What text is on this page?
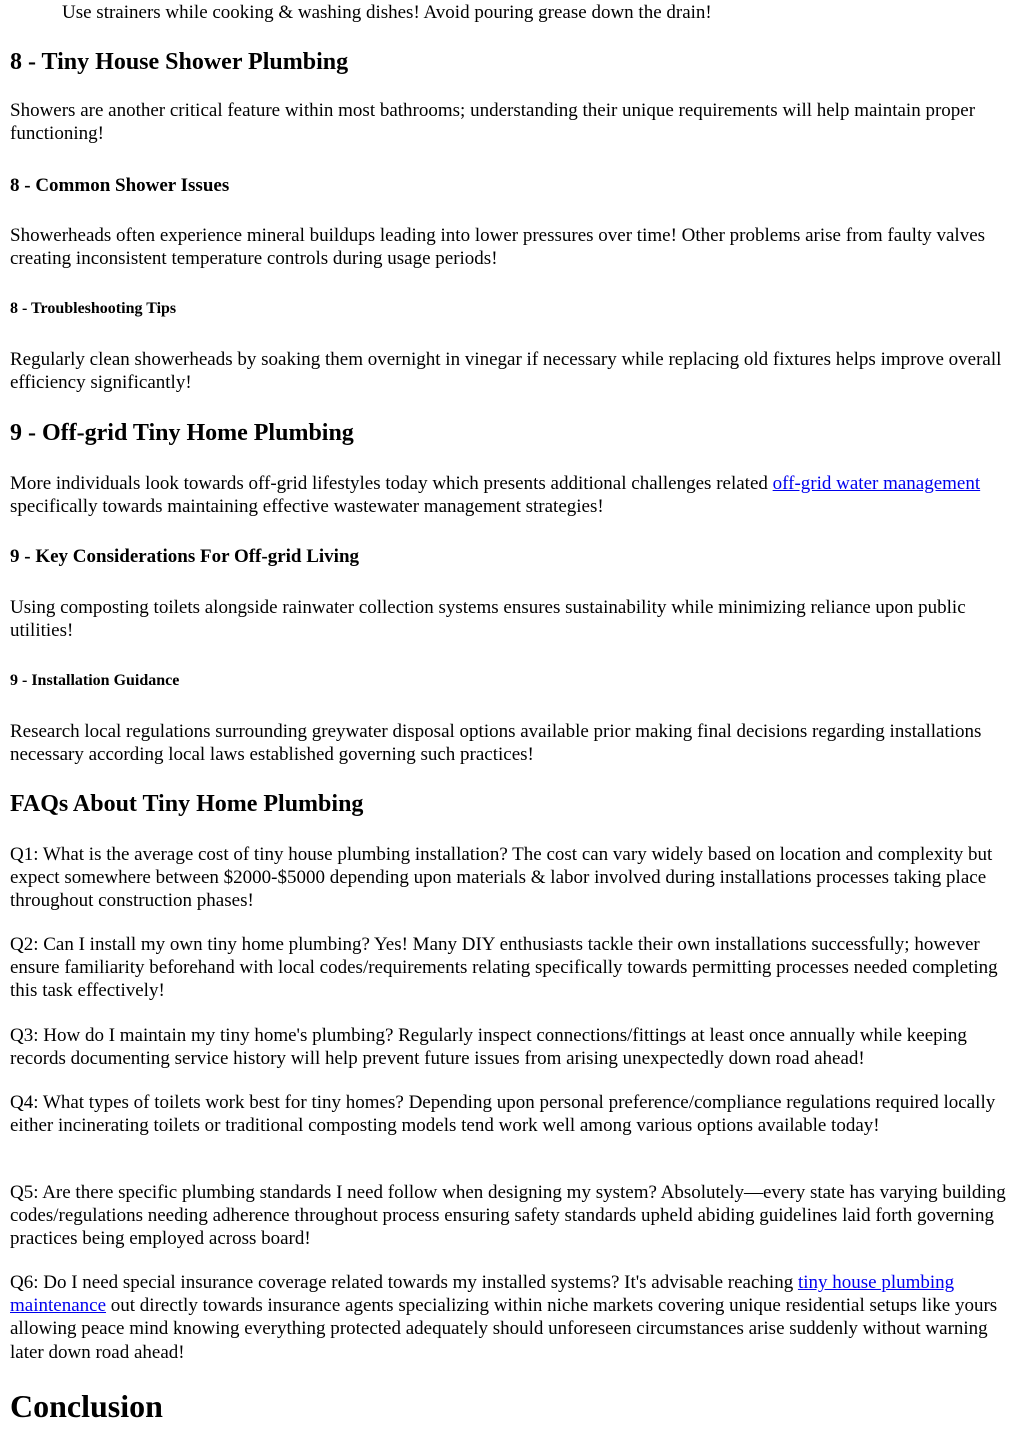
Use strainers while cooking & washing dishes! Avoid pouring grease down the drain!

8 - Tiny House Shower Plumbing

Showers are another critical feature within most bathrooms; understanding their unique requirements will help maintain proper functioning!

8 - Common Shower Issues

Showerheads often experience mineral buildups leading into lower pressures over time! Other problems arise from faulty valves creating inconsistent temperature controls during usage periods!

8 - Troubleshooting Tips

Regularly clean showerheads by soaking them overnight in vinegar if necessary while replacing old fixtures helps improve overall efficiency significantly!

9 - Off-grid Tiny Home Plumbing

More individuals look towards off-grid lifestyles today which presents additional challenges related off-grid water management specifically towards maintaining effective wastewater management strategies!

9 - Key Considerations For Off-grid Living

Using composting toilets alongside rainwater collection systems ensures sustainability while minimizing reliance upon public utilities!

9 - Installation Guidance

Research local regulations surrounding greywater disposal options available prior making final decisions regarding installations necessary according local laws established governing such practices!

FAQs About Tiny Home Plumbing

Q1: What is the average cost of tiny house plumbing installation? The cost can vary widely based on location and complexity but expect somewhere between $2000-$5000 depending upon materials & labor involved during installations processes taking place throughout construction phases!

Q2: Can I install my own tiny home plumbing? Yes! Many DIY enthusiasts tackle their own installations successfully; however ensure familiarity beforehand with local codes/requirements relating specifically towards permitting processes needed completing this task effectively!

Q3: How do I maintain my tiny home's plumbing? Regularly inspect connections/fittings at least once annually while keeping records documenting service history will help prevent future issues from arising unexpectedly down road ahead!

Q4: What types of toilets work best for tiny homes? Depending upon personal preference/compliance regulations required locally either incinerating toilets or traditional composting models tend work well among various options available today!

Q5: Are there specific plumbing standards I need follow when designing my system? Absolutely—every state has varying building codes/regulations needing adherence throughout process ensuring safety standards upheld abiding guidelines laid forth governing practices being employed across board!

Q6: Do I need special insurance coverage related towards my installed systems? It's advisable reaching tiny house plumbing maintenance out directly towards insurance agents specializing within niche markets covering unique residential setups like yours allowing peace mind knowing everything protected adequately should unforeseen circumstances arise suddenly without warning later down road ahead!

Conclusion
